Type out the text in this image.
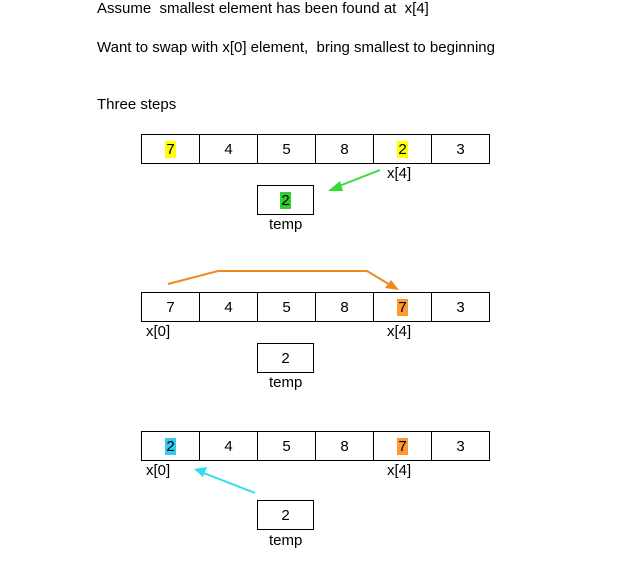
Assume  smallest element has been found at  x[4]
Want to swap with x[0] element,  bring smallest to beginning
Three steps
7	4	5	8	2	3
x[4]
2
temp
7	4	5	8	7	3
x[0]	x[4]
2
temp
2	4	5	8	7	3
x[0]	x[4]
2
temp
